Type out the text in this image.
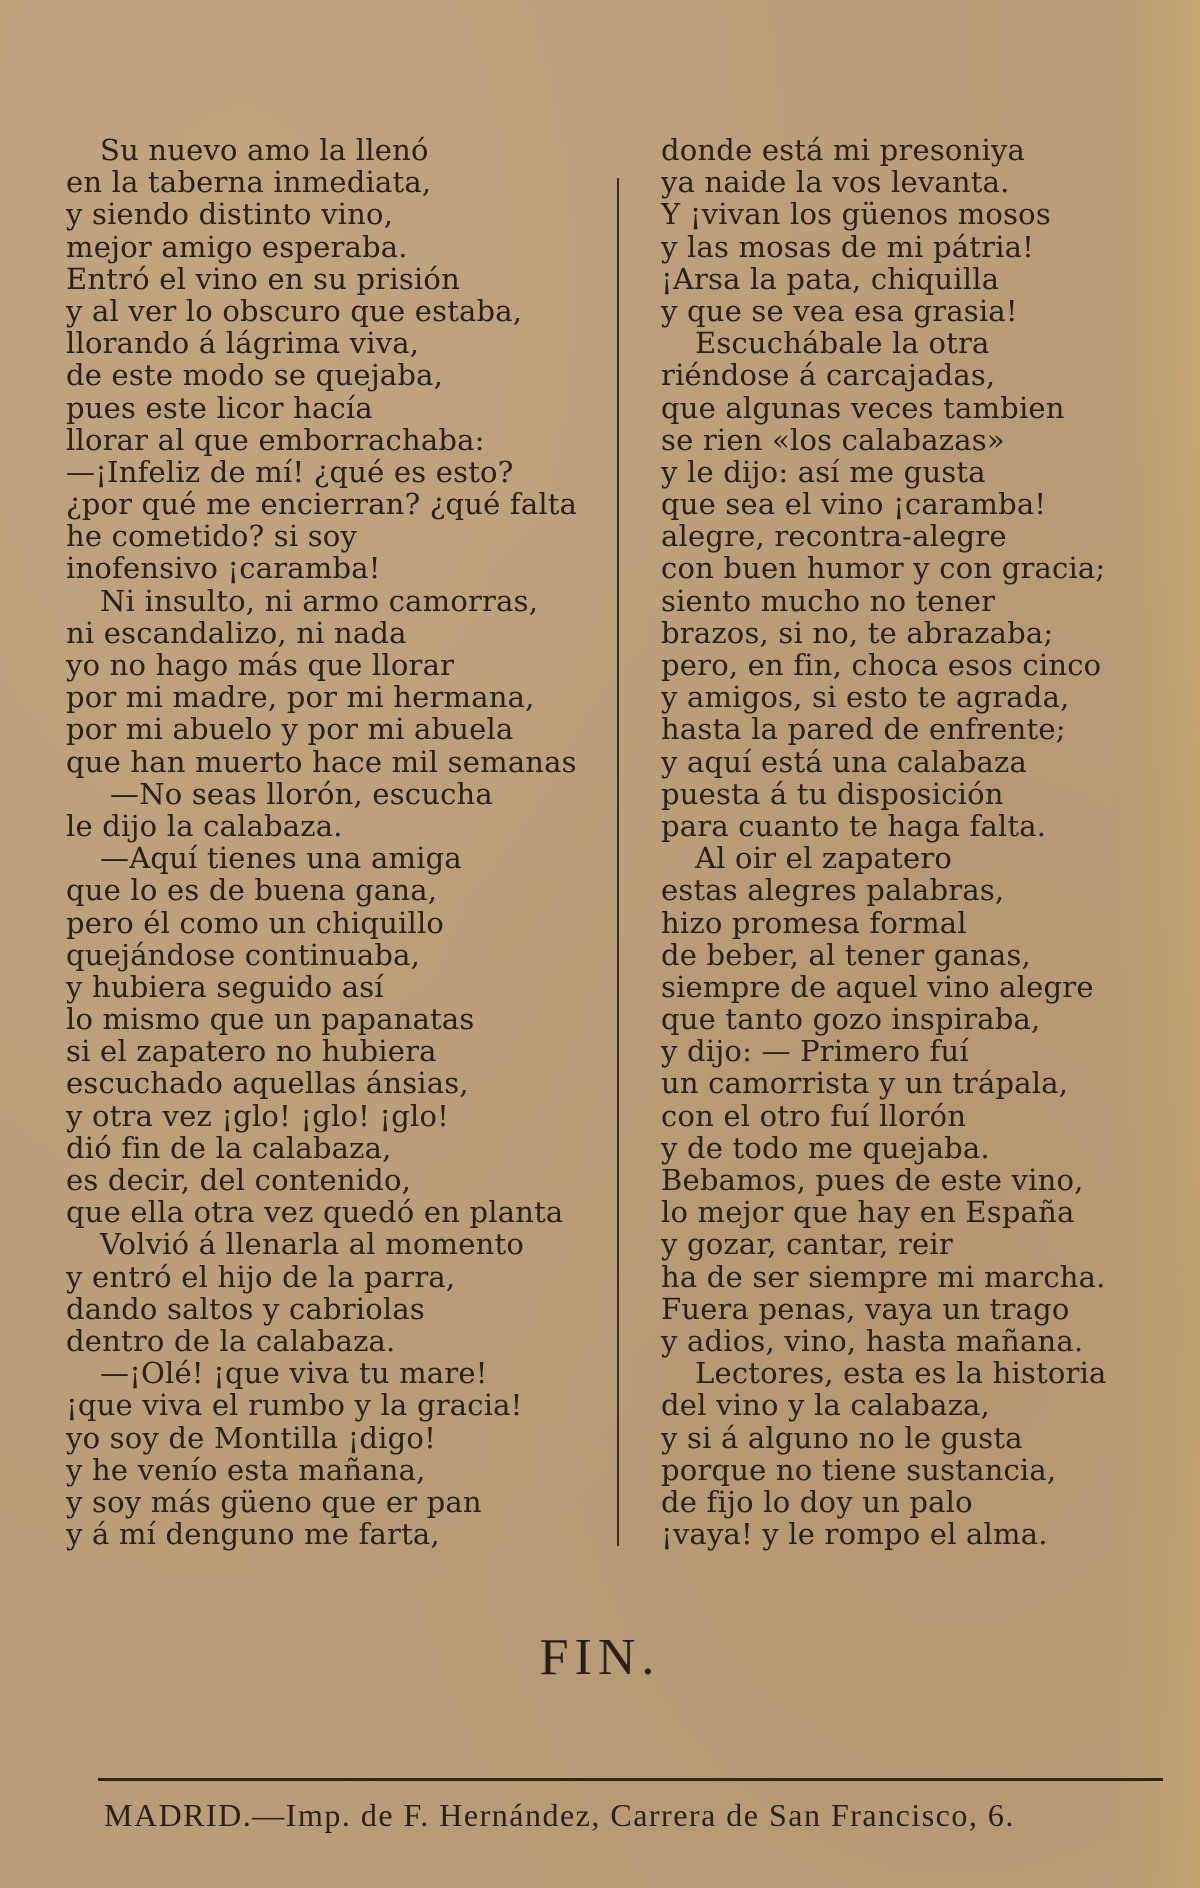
Su nuevo amo la llenó
en la taberna inmediata,
y siendo distinto vino,
mejor amigo esperaba.
Entró el vino en su prisión
y al ver lo obscuro que estaba,
llorando á lágrima viva,
de este modo se quejaba,
pues este licor hacía
llorar al que emborrachaba:
—¡Infeliz de mí! ¿qué es esto?
¿por qué me encierran? ¿qué falta
he cometido? si soy
inofensivo ¡caramba!
Ni insulto, ni armo camorras,
ni escandalizo, ni nada
yo no hago más que llorar
por mi madre, por mi hermana,
por mi abuelo y por mi abuela
que han muerto hace mil semanas
—No seas llorón, escucha
le dijo la calabaza.
—Aquí tienes una amiga
que lo es de buena gana,
pero él como un chiquillo
quejándose continuaba,
y hubiera seguido así
lo mismo que un papanatas
si el zapatero no hubiera
escuchado aquellas ánsias,
y otra vez ¡glo! ¡glo! ¡glo!
dió fin de la calabaza,
es decir, del contenido,
que ella otra vez quedó en planta
Volvió á llenarla al momento
y entró el hijo de la parra,
dando saltos y cabriolas
dentro de la calabaza.
—¡Olé! ¡que viva tu mare!
¡que viva el rumbo y la gracia!
yo soy de Montilla ¡digo!
y he venío esta mañana,
y soy más güeno que er pan
y á mí denguno me farta,
donde está mi presoniya
ya naide la vos levanta.
Y ¡vivan los güenos mosos
y las mosas de mi pátria!
¡Arsa la pata, chiquilla
y que se vea esa grasia!
Escuchábale la otra
riéndose á carcajadas,
que algunas veces tambien
se rien «los calabazas»
y le dijo: así me gusta
que sea el vino ¡caramba!
alegre, recontra-alegre
con buen humor y con gracia;
siento mucho no tener
brazos, si no, te abrazaba;
pero, en fin, choca esos cinco
y amigos, si esto te agrada,
hasta la pared de enfrente;
y aquí está una calabaza
puesta á tu disposición
para cuanto te haga falta.
Al oir el zapatero
estas alegres palabras,
hizo promesa formal
de beber, al tener ganas,
siempre de aquel vino alegre
que tanto gozo inspiraba,
y dijo: — Primero fuí
un camorrista y un trápala,
con el otro fuí llorón
y de todo me quejaba.
Bebamos, pues de este vino,
lo mejor que hay en España
y gozar, cantar, reir
ha de ser siempre mi marcha.
Fuera penas, vaya un trago
y adios, vino, hasta mañana.
Lectores, esta es la historia
del vino y la calabaza,
y si á alguno no le gusta
porque no tiene sustancia,
de fijo lo doy un palo
¡vaya! y le rompo el alma.
FIN.
MADRID.—Imp. de F. Hernández, Carrera de San Francisco, 6.
